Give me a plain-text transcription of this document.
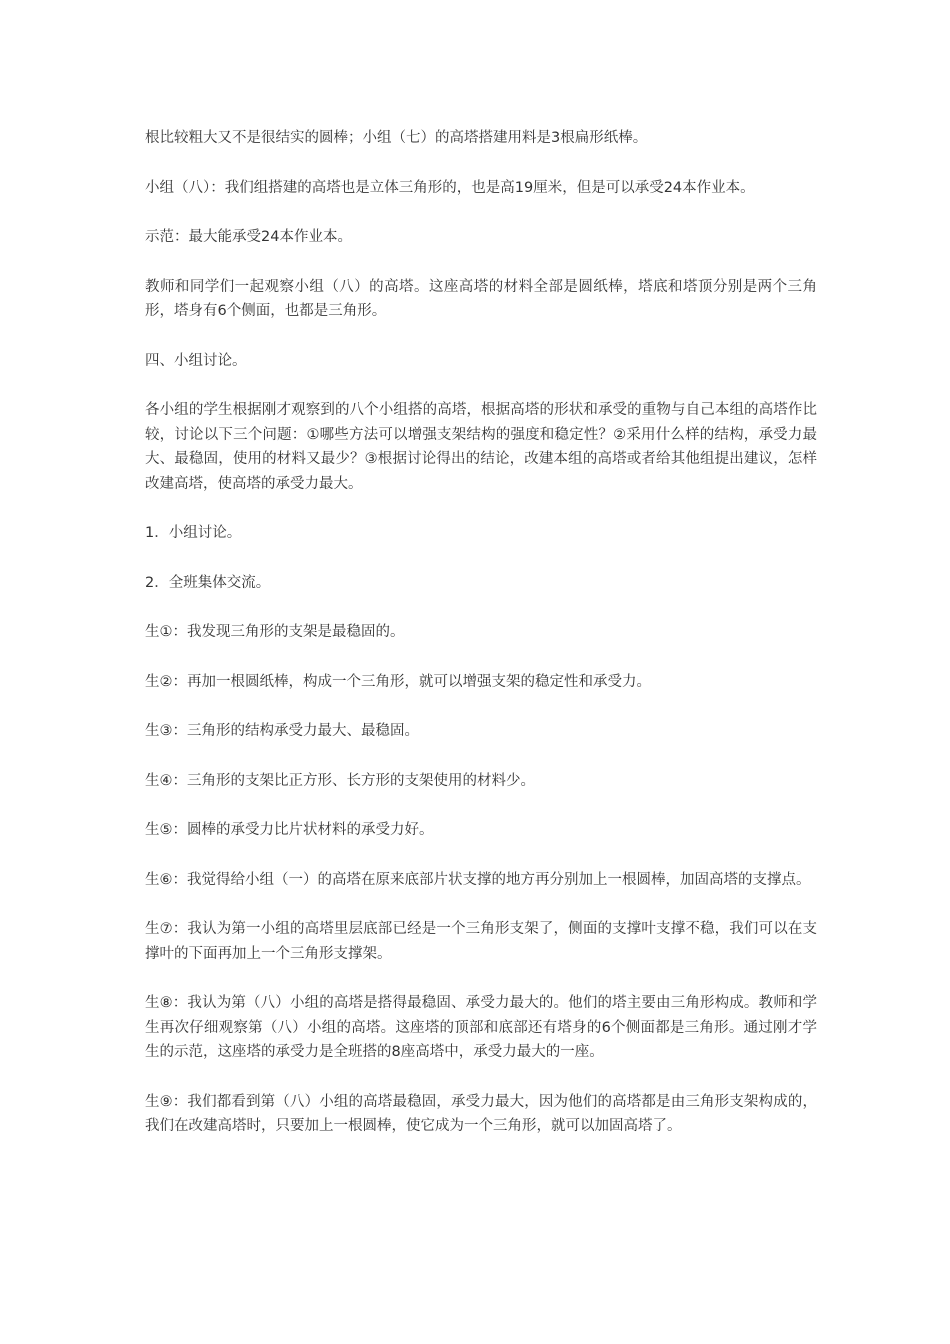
根比较粗大又不是很结实的圆棒；小组（七）的高塔搭建用料是3根扁形纸棒。

小组（八）：我们组搭建的高塔也是立体三角形的，也是高19厘米，但是可以承受24本作业本。

示范：最大能承受24本作业本。

教师和同学们一起观察小组（八）的高塔。这座高塔的材料全部是圆纸棒，塔底和塔顶分别是两个三角形，塔身有6个侧面，也都是三角形。

四、小组讨论。

各小组的学生根据刚才观察到的八个小组搭的高塔，根据高塔的形状和承受的重物与自己本组的高塔作比较，讨论以下三个问题：①哪些方法可以增强支架结构的强度和稳定性？②采用什么样的结构，承受力最大、最稳固，使用的材料又最少？③根据讨论得出的结论，改建本组的高塔或者给其他组提出建议，怎样改建高塔，使高塔的承受力最大。

1．小组讨论。

2．全班集体交流。

生①：我发现三角形的支架是最稳固的。

生②：再加一根圆纸棒，构成一个三角形，就可以增强支架的稳定性和承受力。

生③：三角形的结构承受力最大、最稳固。

生④：三角形的支架比正方形、长方形的支架使用的材料少。

生⑤：圆棒的承受力比片状材料的承受力好。

生⑥：我觉得给小组（一）的高塔在原来底部片状支撑的地方再分别加上一根圆棒，加固高塔的支撑点。

生⑦：我认为第一小组的高塔里层底部已经是一个三角形支架了，侧面的支撑叶支撑不稳，我们可以在支撑叶的下面再加上一个三角形支撑架。

生⑧：我认为第（八）小组的高塔是搭得最稳固、承受力最大的。他们的塔主要由三角形构成。教师和学生再次仔细观察第（八）小组的高塔。这座塔的顶部和底部还有塔身的6个侧面都是三角形。通过刚才学生的示范，这座塔的承受力是全班搭的8座高塔中，承受力最大的一座。

生⑨：我们都看到第（八）小组的高塔最稳固，承受力最大，因为他们的高塔都是由三角形支架构成的，我们在改建高塔时，只要加上一根圆棒，使它成为一个三角形，就可以加固高塔了。
